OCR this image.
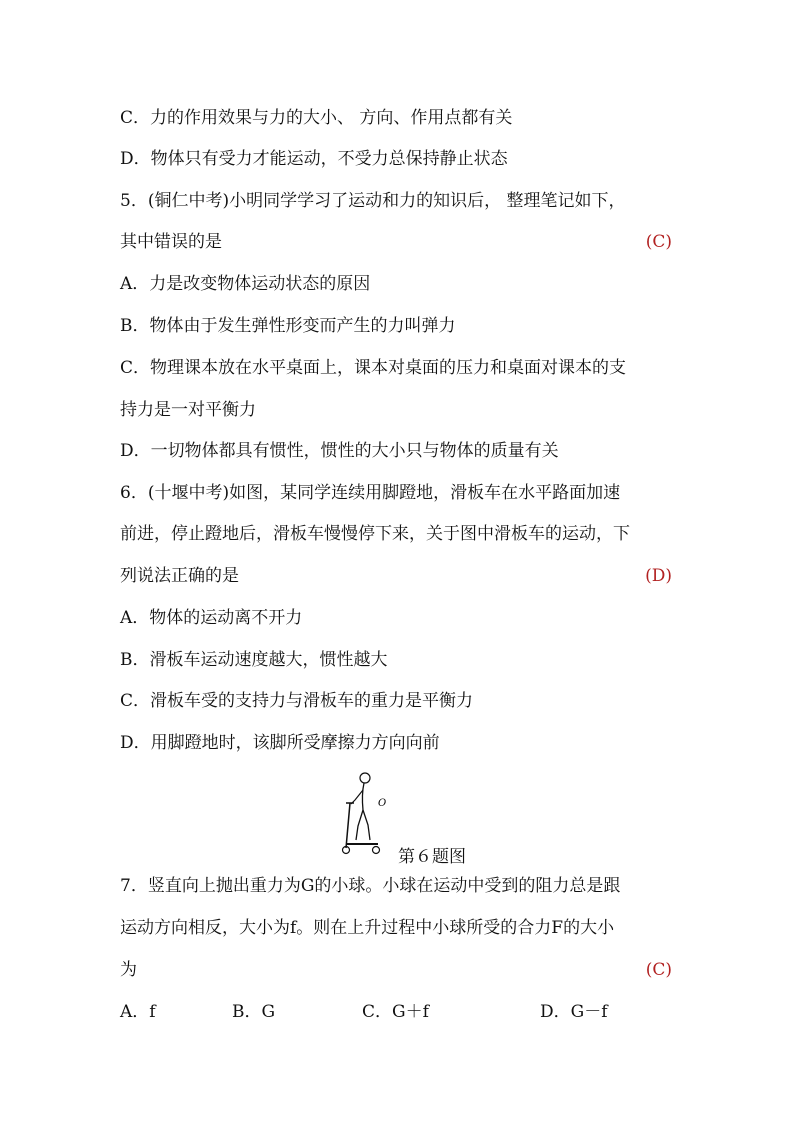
C．力的作用效果与力的大小、 方向、作用点都有关
D．物体只有受力才能运动，不受力总保持静止状态
5．(铜仁中考)小明同学学习了运动和力的知识后， 整理笔记如下，
其中错误的是	(C)
A．力是改变物体运动状态的原因
B．物体由于发生弹性形变而产生的力叫弹力
C．物理课本放在水平桌面上，课本对桌面的压力和桌面对课本的支
持力是一对平衡力
D．一切物体都具有惯性，惯性的大小只与物体的质量有关
6．(十堰中考)如图，某同学连续用脚蹬地，滑板车在水平路面加速
前进，停止蹬地后，滑板车慢慢停下来，关于图中滑板车的运动，下
列说法正确的是	(D)
A．物体的运动离不开力
B．滑板车运动速度越大，惯性越大
C．滑板车受的支持力与滑板车的重力是平衡力
D．用脚蹬地时，该脚所受摩擦力方向向前
O
第６题图
7．竖直向上抛出重力为G的小球。小球在运动中受到的阻力总是跟
运动方向相反，大小为f。则在上升过程中小球所受的合力F的大小
为	(C)
A．f	B．G	C．G＋f	D．G－f
